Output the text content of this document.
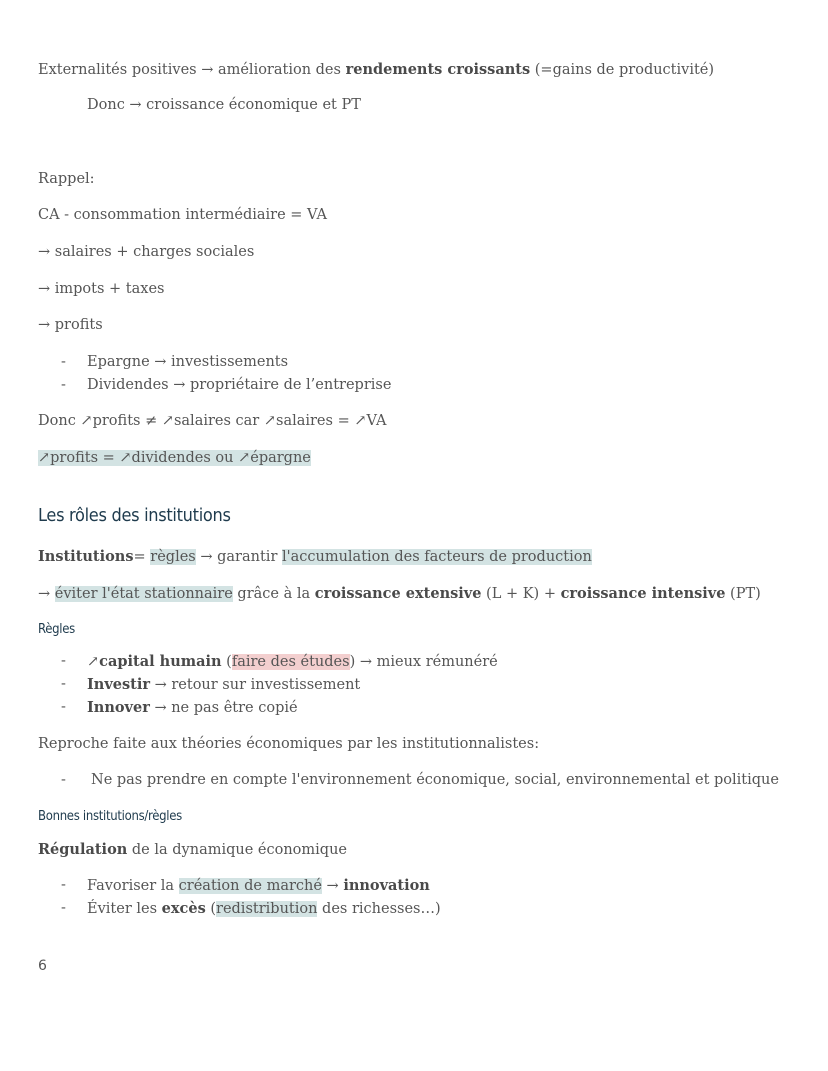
Externalités positives → amélioration des rendements croissants (=gains de productivité)
Donc → croissance économique et PT
Rappel:
CA - consommation intermédiaire = VA
→ salaires + charges sociales
→ impots + taxes
→ profits
- Epargne → investissements
- Dividendes → propriétaire de l’entreprise
Donc ↗profits ≠ ↗salaires car ↗salaires = ↗VA
↗profits = ↗dividendes ou ↗épargne
Les rôles des institutions
Institutions= règles → garantir l'accumulation des facteurs de production
→ éviter l'état stationnaire grâce à la croissance extensive (L + K) + croissance intensive (PT)
Règles
- ↗capital humain (faire des études) → mieux rémunéré
- Investir → retour sur investissement
- Innover → ne pas être copié
Reproche faite aux théories économiques par les institutionnalistes:
- Ne pas prendre en compte l'environnement économique, social, environnemental et politique
Bonnes institutions/règles
Régulation de la dynamique économique
- Favoriser la création de marché → innovation
- Éviter les excès (redistribution des richesses…)
6
